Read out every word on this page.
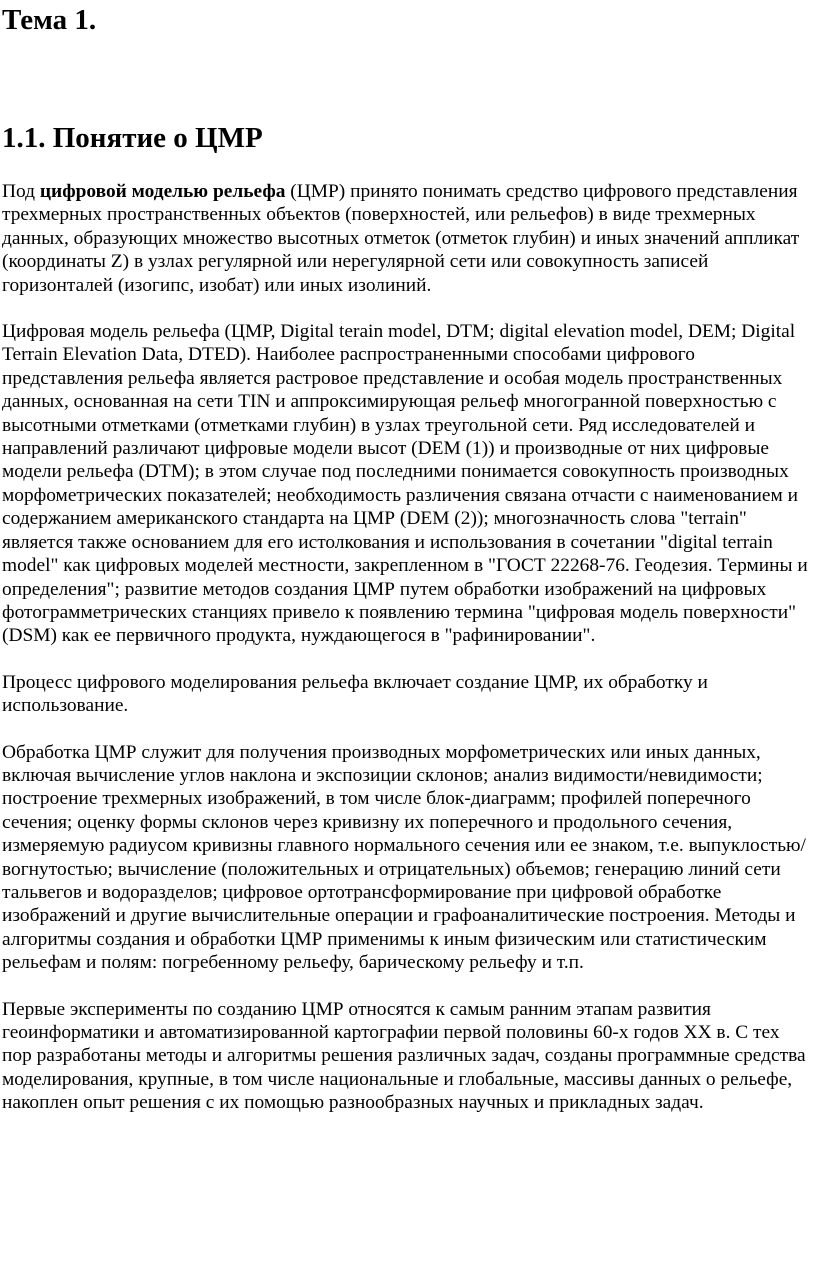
Тема 1.
1.1. Понятие о ЦМР

Под цифровой моделью рельефа (ЦМР) принято понимать средство цифрового представления трехмерных пространственных объектов (поверхностей, или рельефов) в виде трехмерных данных, образующих множество высотных отметок (отметок глубин) и иных значений аппликат (координаты Z) в узлах регулярной или нерегулярной сети или совокупность записей горизонталей (изогипс, изобат) или иных изолиний.

Цифровая модель рельефа (ЦМР, Digital terain model, DTM; digital elevation model, DEM; Digital Terrain Elevation Data, DTED). Наиболее распространенными способами цифрового представления рельефа является растровое представление и особая модель пространственных данных, основанная на сети TIN и аппроксимирующая рельеф многогранной поверхностью с высотными отметками (отметками глубин) в узлах треугольной сети. Ряд исследователей и направлений различают цифровые модели высот (DEM (1)) и производные от них цифровые модели рельефа (DTM); в этом случае под последними понимается совокупность производных морфометрических показателей; необходимость различения связана отчасти с наименованием и содержанием американского стандарта на ЦМР (DEM (2)); многозначность слова "terrain" является также основанием для его истолкования и использования в сочетании "digital terrain model" как цифровых моделей местности, закрепленном в "ГОСТ 22268-76. Геодезия. Термины и определения"; развитие методов создания ЦМР путем обработки изображений на цифровых фотограмметрических станциях привело к появлению термина "цифровая модель поверхности" (DSM) как ее первичного продукта, нуждающегося в "рафинировании".

Процесс цифрового моделирования рельефа включает создание ЦМР, их обработку и использование.

Обработка ЦМР служит для получения производных морфометрических или иных данных, включая вычисление углов наклона и экспозиции склонов; анализ видимости/невидимости; построение трехмерных изображений, в том числе блок-диаграмм; профилей поперечного сечения; оценку формы склонов через кривизну их поперечного и продольного сечения, измеряемую радиусом кривизны главного нормального сечения или ее знаком, т.е. выпуклостью/вогнутостью; вычисление (положительных и отрицательных) объемов; генерацию линий сети тальвегов и водоразделов; цифровое ортотрансформирование при цифровой обработке изображений и другие вычислительные операции и графоаналитические построения. Методы и алгоритмы создания и обработки ЦМР применимы к иным физическим или статистическим рельефам и полям: погребенному рельефу, барическому рельефу и т.п.

Первые эксперименты по созданию ЦМР относятся к самым ранним этапам развития геоинформатики и автоматизированной картографии первой половины 60-х годов XX в. С тех пор разработаны методы и алгоритмы решения различных задач, созданы программные средства моделирования, крупные, в том числе национальные и глобальные, массивы данных о рельефе, накоплен опыт решения с их помощью разнообразных научных и прикладных задач.
